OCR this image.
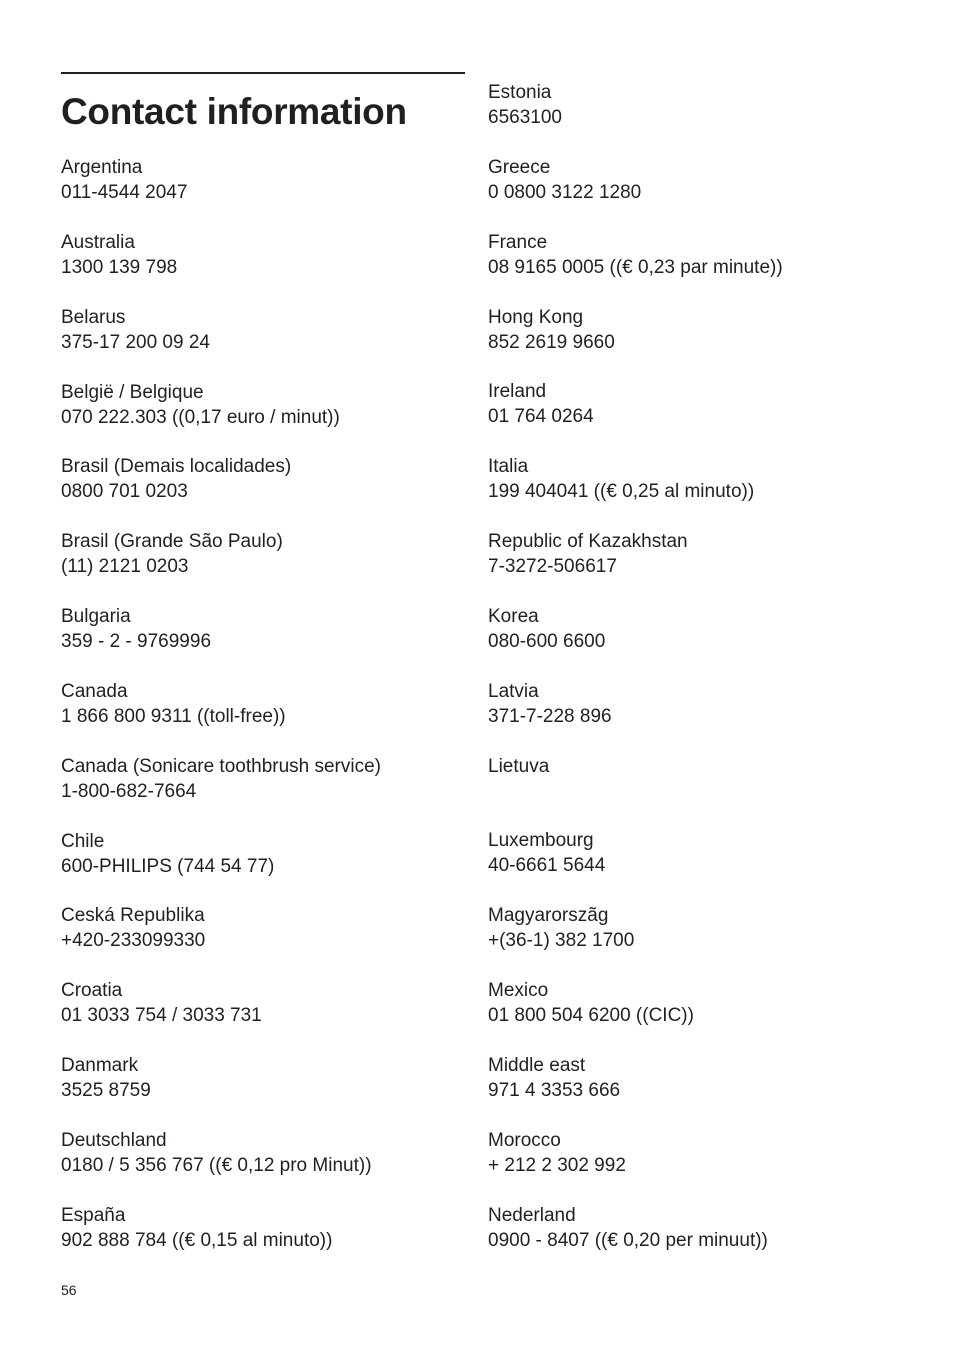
Contact information
Argentina
011-4544 2047
Australia
1300 139 798
Belarus
375-17 200 09 24
België / Belgique
070 222.303 ((0,17 euro / minut))
Brasil (Demais localidades)
0800 701 0203
Brasil (Grande São Paulo)
(11) 2121 0203
Bulgaria
359 - 2 - 9769996
Canada
1 866 800 9311 ((toll-free))
Canada (Sonicare toothbrush service)
1-800-682-7664
Chile
600-PHILIPS (744 54 77)
Ceská Republika
+420-233099330
Croatia
01 3033 754 / 3033 731
Danmark
3525 8759
Deutschland
0180 / 5 356 767 ((€ 0,12 pro Minut))
España
902 888 784 ((€ 0,15 al minuto))
Estonia
6563100
Greece
0 0800 3122 1280
France
08 9165 0005 ((€ 0,23 par minute))
Hong Kong
852 2619 9660
Ireland
01 764 0264
Italia
199 404041 ((€ 0,25 al minuto))
Republic of Kazakhstan
7-3272-506617
Korea
080-600 6600
Latvia
371-7-228 896
Lietuva
Luxembourg
40-6661 5644
Magyarorszãg
+(36-1) 382 1700
Mexico
01 800 504 6200 ((CIC))
Middle east
971 4 3353 666
Morocco
+ 212 2 302 992
Nederland
0900 - 8407 ((€ 0,20 per minuut))
56
